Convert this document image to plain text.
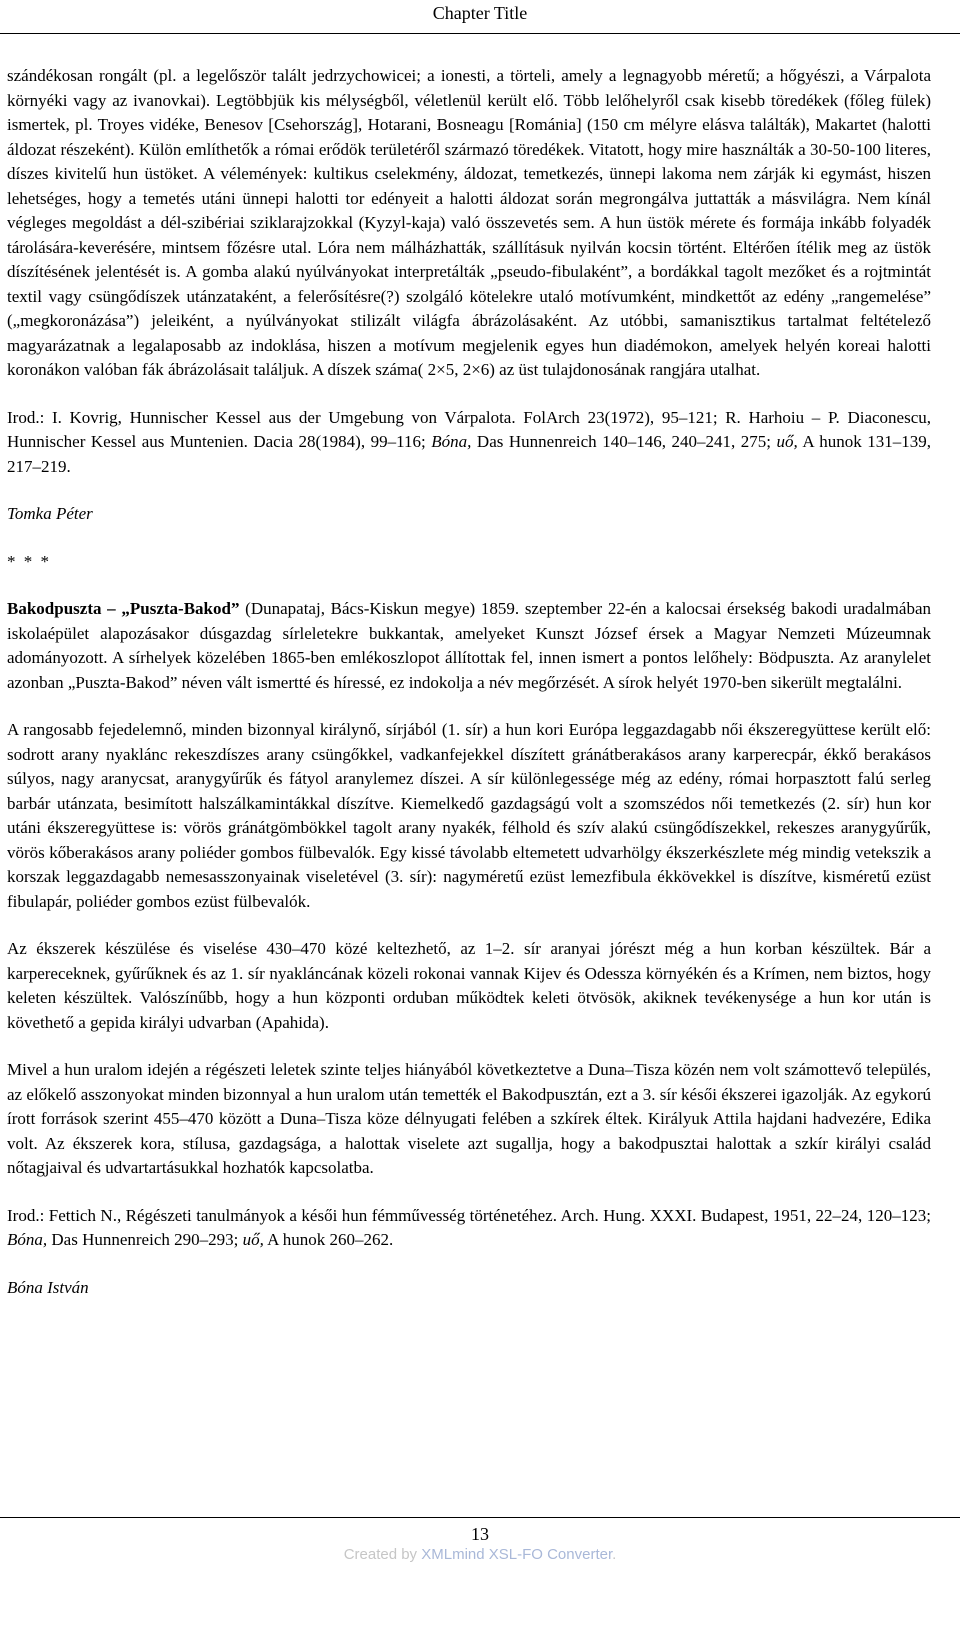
Chapter Title

szándékosan rongált (pl. a legelőször talált jedrzychowicei; a ionesti, a törteli, amely a legnagyobb méretű; a hőgyészi, a Várpalota környéki vagy az ivanovkai). Legtöbbjük kis mélységből, véletlenül került elő. Több lelőhelyről csak kisebb töredékek (főleg fülek) ismertek, pl. Troyes vidéke, Benesov [Csehország], Hotarani, Bosneagu [Románia] (150 cm mélyre elásva találták), Makartet (halotti áldozat részeként). Külön említhetők a római erődök területéről származó töredékek. Vitatott, hogy mire használták a 30-50-100 literes, díszes kivitelű hun üstöket. A vélemények: kultikus cselekmény, áldozat, temetkezés, ünnepi lakoma nem zárják ki egymást, hiszen lehetséges, hogy a temetés utáni ünnepi halotti tor edényeit a halotti áldozat során megrongálva juttatták a másvilágra. Nem kínál végleges megoldást a dél-szibériai sziklarajzokkal (Kyzyl-kaja) való összevetés sem. A hun üstök mérete és formája inkább folyadék tárolására-keverésére, mintsem főzésre utal. Lóra nem málházhatták, szállításuk nyilván kocsin történt. Eltérően ítélik meg az üstök díszítésének jelentését is. A gomba alakú nyúlványokat interpretálták „pseudo-fibulaként”, a bordákkal tagolt mezőket és a rojtmintát textil vagy csüngődíszek utánzataként, a felerősítésre(?) szolgáló kötelekre utaló motívumként, mindkettőt az edény „rangemelése” („megkoronázása”) jeleiként, a nyúlványokat stilizált világfa ábrázolásaként. Az utóbbi, samanisztikus tartalmat feltételező magyarázatnak a legalaposabb az indoklása, hiszen a motívum megjelenik egyes hun diadémokon, amelyek helyén koreai halotti koronákon valóban fák ábrázolásait találjuk. A díszek száma( 2×5, 2×6) az üst tulajdonosának rangjára utalhat.

Irod.: I. Kovrig, Hunnischer Kessel aus der Umgebung von Várpalota. FolArch 23(1972), 95–121; R. Harhoiu – P. Diaconescu, Hunnischer Kessel aus Muntenien. Dacia 28(1984), 99–116; Bóna, Das Hunnenreich 140–146, 240–241, 275; uő, A hunok 131–139, 217–219.

Tomka Péter

* * *

Bakodpuszta – „Puszta-Bakod” (Dunapataj, Bács-Kiskun megye) 1859. szeptember 22-én a kalocsai érsekség bakodi uradalmában iskolaépület alapozásakor dúsgazdag sírleletekre bukkantak, amelyeket Kunszt József érsek a Magyar Nemzeti Múzeumnak adományozott. A sírhelyek közelében 1865-ben emlékoszlopot állítottak fel, innen ismert a pontos lelőhely: Bödpuszta. Az aranylelet azonban „Puszta-Bakod” néven vált ismertté és híressé, ez indokolja a név megőrzését. A sírok helyét 1970-ben sikerült megtalálni.

A rangosabb fejedelemnő, minden bizonnyal királynő, sírjából (1. sír) a hun kori Európa leggazdagabb női ékszeregyüttese került elő: sodrott arany nyaklánc rekeszdíszes arany csüngőkkel, vadkanfejekkel díszített gránátberakásos arany karperecpár, ékkő berakásos súlyos, nagy aranycsat, aranygyűrűk és fátyol aranylemez díszei. A sír különlegessége még az edény, római horpasztott falú serleg barbár utánzata, besimított halszálkamintákkal díszítve. Kiemelkedő gazdagságú volt a szomszédos női temetkezés (2. sír) hun kor utáni ékszeregyüttese is: vörös gránátgömbökkel tagolt arany nyakék, félhold és szív alakú csüngődíszekkel, rekeszes aranygyűrűk, vörös kőberakásos arany poliéder gombos fülbevalók. Egy kissé távolabb eltemetett udvarhölgy ékszerkészlete még mindig vetekszik a korszak leggazdagabb nemesasszonyainak viseletével (3. sír): nagyméretű ezüst lemezfibula ékkövekkel is díszítve, kisméretű ezüst fibulapár, poliéder gombos ezüst fülbevalók.

Az ékszerek készülése és viselése 430–470 közé keltezhető, az 1–2. sír aranyai jórészt még a hun korban készültek. Bár a karpereceknek, gyűrűknek és az 1. sír nyakláncának közeli rokonai vannak Kijev és Odessza környékén és a Krímen, nem biztos, hogy keleten készültek. Valószínűbb, hogy a hun központi orduban működtek keleti ötvösök, akiknek tevékenysége a hun kor után is követhető a gepida királyi udvarban (Apahida).

Mivel a hun uralom idején a régészeti leletek szinte teljes hiányából következtetve a Duna–Tisza közén nem volt számottevő település, az előkelő asszonyokat minden bizonnyal a hun uralom után temették el Bakodpusztán, ezt a 3. sír késői ékszerei igazolják. Az egykorú írott források szerint 455–470 között a Duna–Tisza köze délnyugati felében a szkírek éltek. Királyuk Attila hajdani hadvezére, Edika volt. Az ékszerek kora, stílusa, gazdagsága, a halottak viselete azt sugallja, hogy a bakodpusztai halottak a szkír királyi család nőtagjaival és udvartartásukkal hozhatók kapcsolatba.

Irod.: Fettich N., Régészeti tanulmányok a késői hun fémművesség történetéhez. Arch. Hung. XXXI. Budapest, 1951, 22–24, 120–123; Bóna, Das Hunnenreich 290–293; uő, A hunok 260–262.

Bóna István

13
Created by XMLmind XSL-FO Converter.
